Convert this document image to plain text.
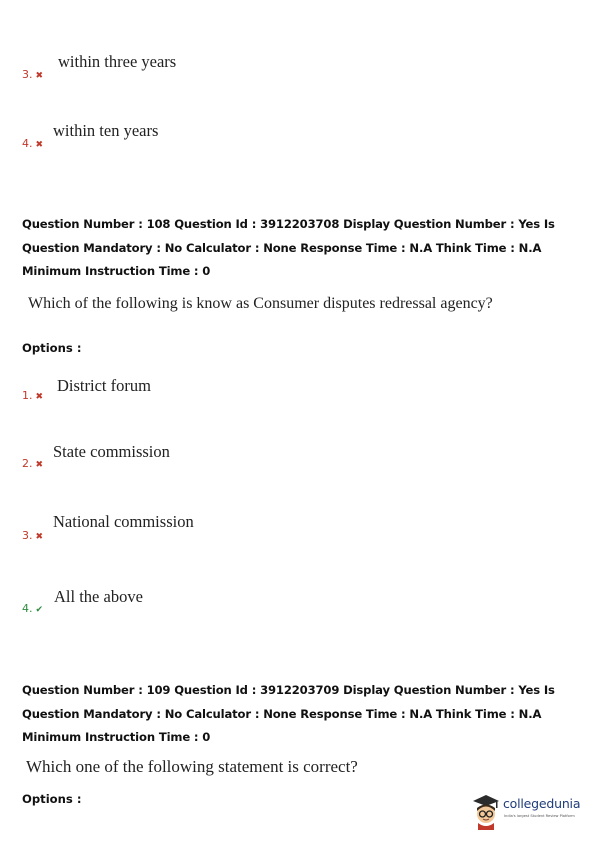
3. ✖
within three years
4. ✖
within ten years
Question Number : 108 Question Id : 3912203708 Display Question Number : Yes Is Question Mandatory : No Calculator : None Response Time : N.A Think Time : N.A Minimum Instruction Time : 0
Which of the following is know as Consumer disputes redressal agency?
Options :
1. ✖
District forum
2. ✖
State commission
3. ✖
National commission
4. ✔
All the above
Question Number : 109 Question Id : 3912203709 Display Question Number : Yes Is Question Mandatory : No Calculator : None Response Time : N.A Think Time : N.A Minimum Instruction Time : 0
Which one of the following statement is correct?
Options :	collegedunia
India's largest Student Review Platform
